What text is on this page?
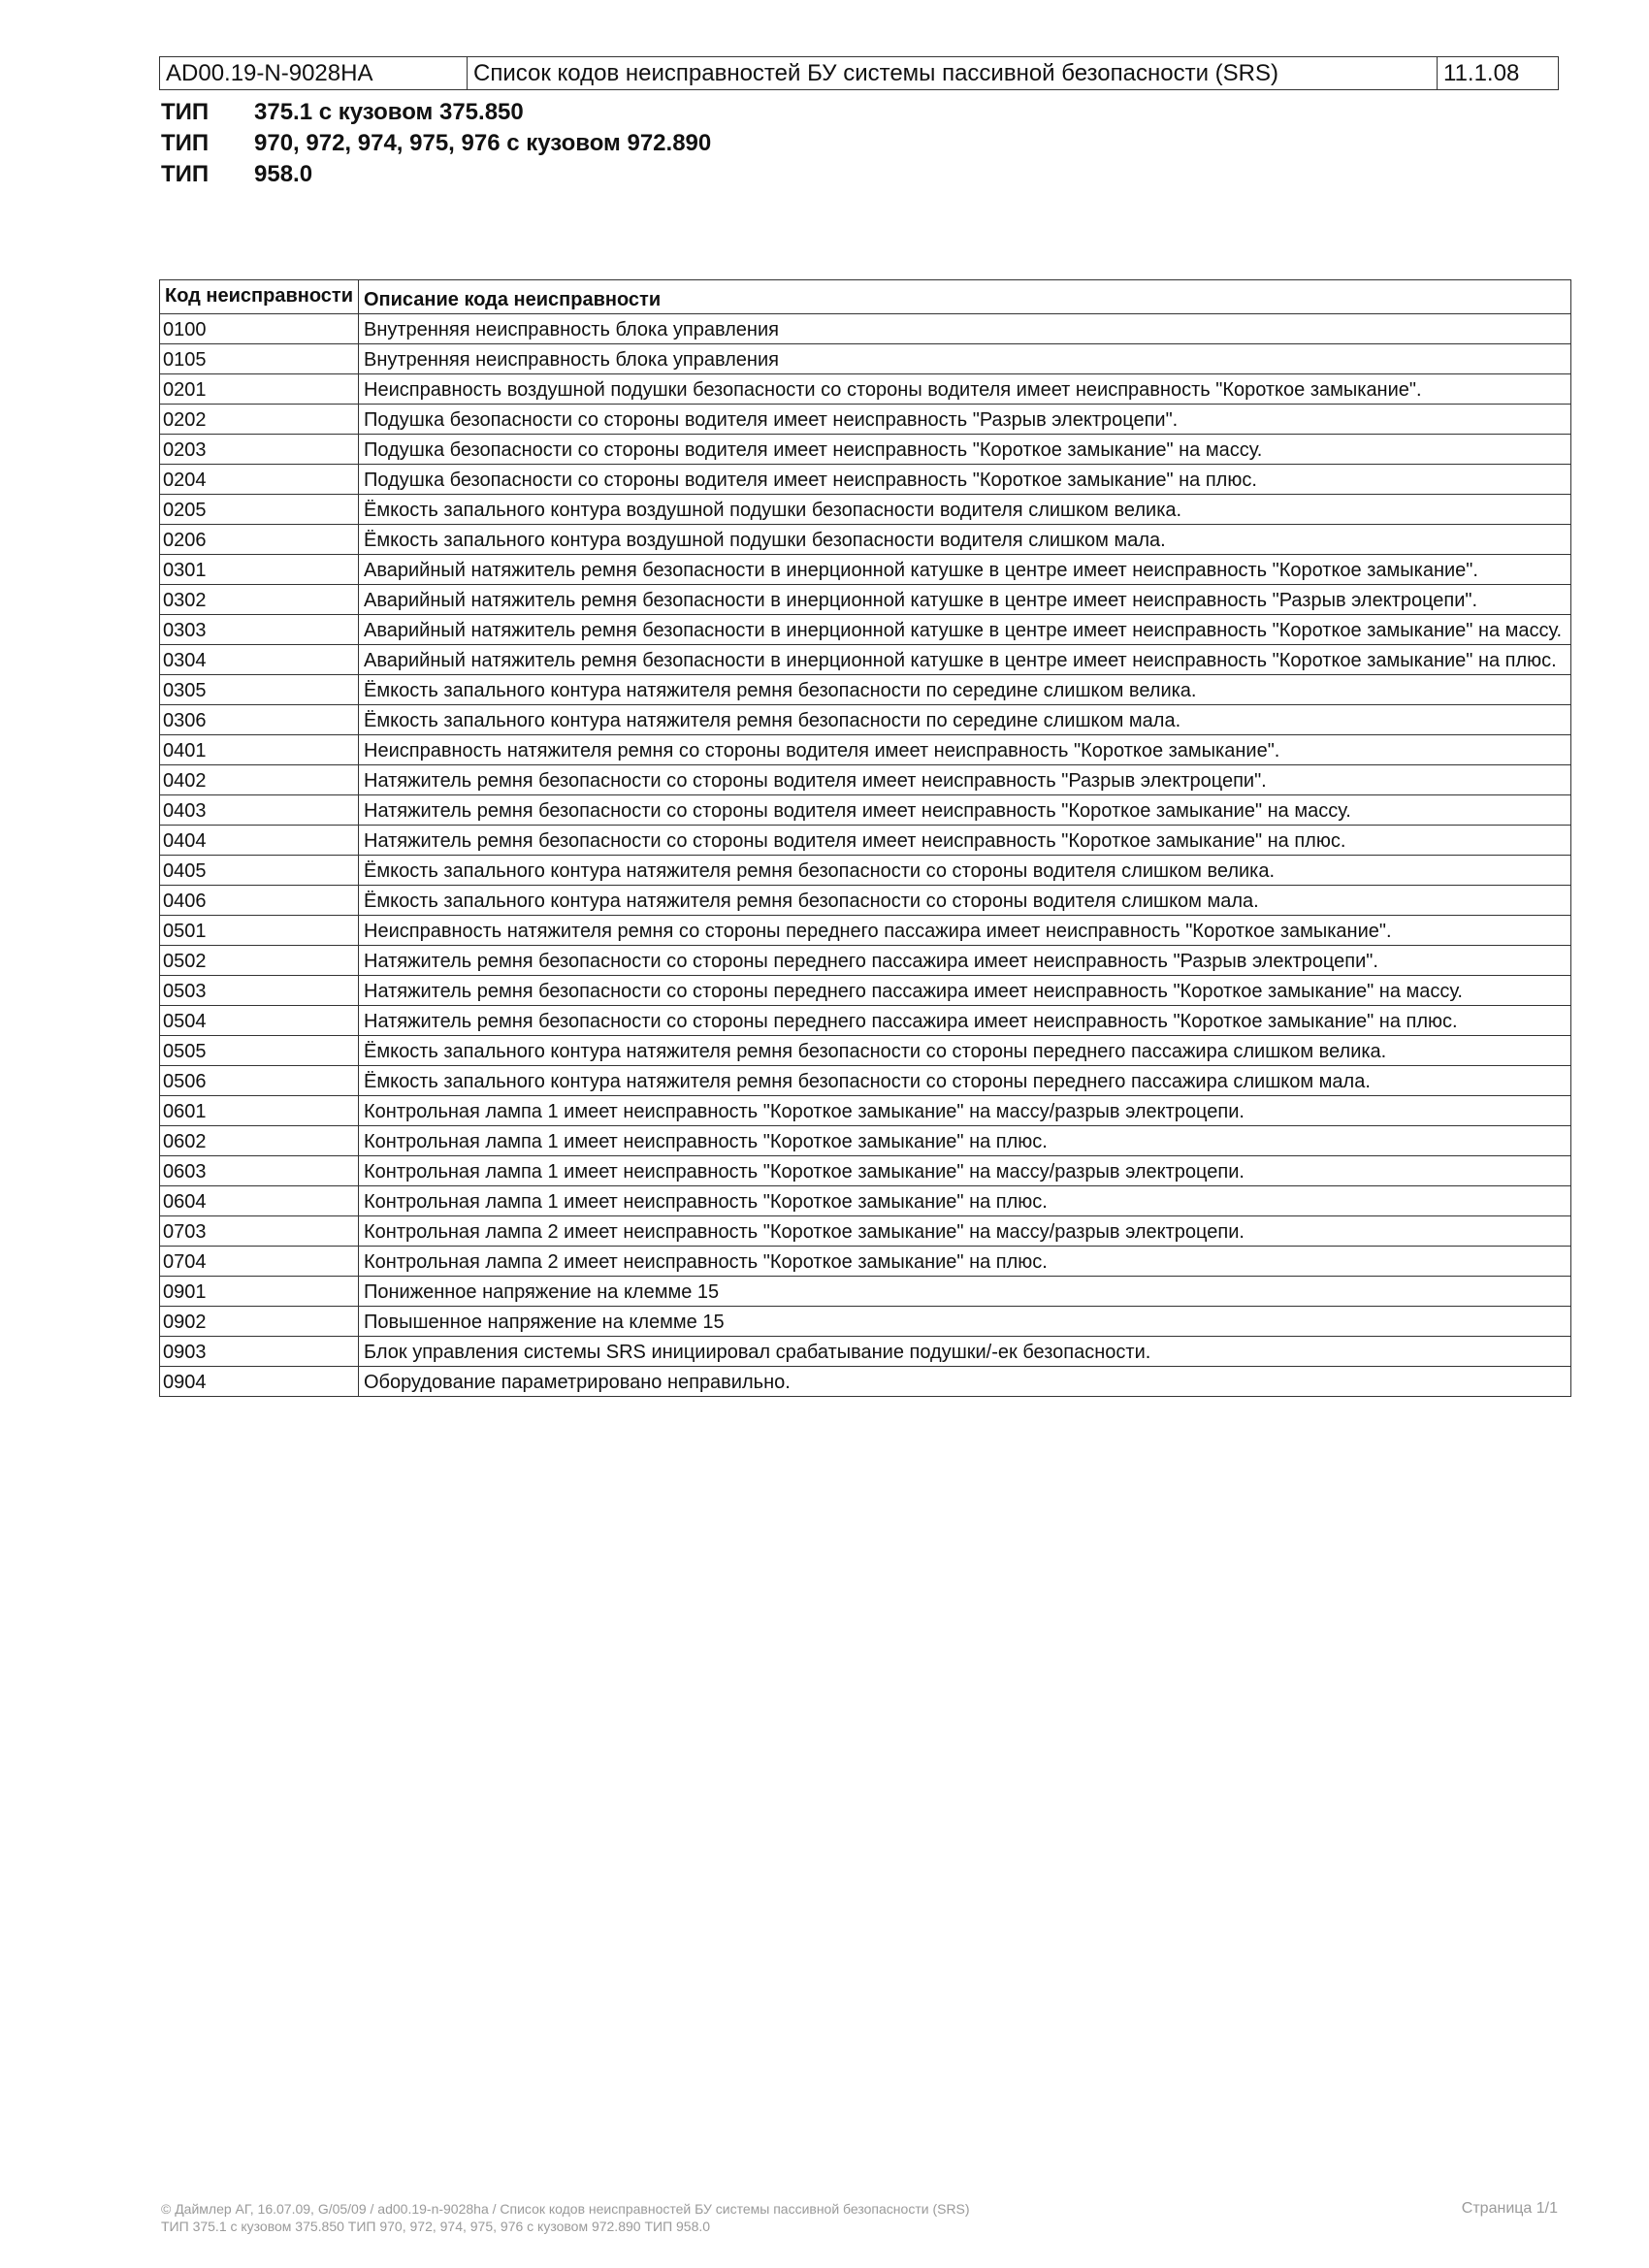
AD00.19-N-9028HA	Список кодов неисправностей БУ системы пассивной безопасности (SRS)	11.1.08
ТИП	375.1 с кузовом 375.850
ТИП	970, 972, 974, 975, 976 с кузовом 972.890
ТИП	958.0
Код неисправности	Описание кода неисправности
0100	Внутренняя неисправность блока управления
0105	Внутренняя неисправность блока управления
0201	Неисправность воздушной подушки безопасности со стороны водителя имеет неисправность "Короткое замыкание".
0202	Подушка безопасности со стороны водителя имеет неисправность "Разрыв электроцепи".
0203	Подушка безопасности со стороны водителя имеет неисправность "Короткое замыкание" на массу.
0204	Подушка безопасности со стороны водителя имеет неисправность "Короткое замыкание" на плюс.
0205	Ёмкость запального контура воздушной подушки безопасности водителя слишком велика.
0206	Ёмкость запального контура воздушной подушки безопасности водителя слишком мала.
0301	Аварийный натяжитель ремня безопасности в инерционной катушке в центре имеет неисправность "Короткое замыкание".
0302	Аварийный натяжитель ремня безопасности в инерционной катушке в центре имеет неисправность "Разрыв электроцепи".
0303	Аварийный натяжитель ремня безопасности в инерционной катушке в центре имеет неисправность "Короткое замыкание" на массу.
0304	Аварийный натяжитель ремня безопасности в инерционной катушке в центре имеет неисправность "Короткое замыкание" на плюс.
0305	Ёмкость запального контура натяжителя ремня безопасности по середине слишком велика.
0306	Ёмкость запального контура натяжителя ремня безопасности по середине слишком мала.
0401	Неисправность натяжителя ремня со стороны водителя имеет неисправность "Короткое замыкание".
0402	Натяжитель ремня безопасности со стороны водителя имеет неисправность "Разрыв электроцепи".
0403	Натяжитель ремня безопасности со стороны водителя имеет неисправность "Короткое замыкание" на массу.
0404	Натяжитель ремня безопасности со стороны водителя имеет неисправность "Короткое замыкание" на плюс.
0405	Ёмкость запального контура натяжителя ремня безопасности со стороны водителя слишком велика.
0406	Ёмкость запального контура натяжителя ремня безопасности со стороны водителя слишком мала.
0501	Неисправность натяжителя ремня со стороны переднего пассажира имеет неисправность "Короткое замыкание".
0502	Натяжитель ремня безопасности со стороны переднего пассажира имеет неисправность "Разрыв электроцепи".
0503	Натяжитель ремня безопасности со стороны переднего пассажира имеет неисправность "Короткое замыкание" на массу.
0504	Натяжитель ремня безопасности со стороны переднего пассажира имеет неисправность "Короткое замыкание" на плюс.
0505	Ёмкость запального контура натяжителя ремня безопасности со стороны переднего пассажира слишком велика.
0506	Ёмкость запального контура натяжителя ремня безопасности со стороны переднего пассажира слишком мала.
0601	Контрольная лампа 1 имеет неисправность "Короткое замыкание" на массу/разрыв электроцепи.
0602	Контрольная лампа 1 имеет неисправность "Короткое замыкание" на плюс.
0603	Контрольная лампа 1 имеет неисправность "Короткое замыкание" на массу/разрыв электроцепи.
0604	Контрольная лампа 1 имеет неисправность "Короткое замыкание" на плюс.
0703	Контрольная лампа 2 имеет неисправность "Короткое замыкание" на массу/разрыв электроцепи.
0704	Контрольная лампа 2 имеет неисправность "Короткое замыкание" на плюс.
0901	Пониженное напряжение на клемме 15
0902	Повышенное напряжение на клемме 15
0903	Блок управления системы SRS инициировал срабатывание подушки/-ек безопасности.
0904	Оборудование параметрировано неправильно.
© Даймлер АГ, 16.07.09, G/05/09 / ad00.19-n-9028ha / Список кодов неисправностей БУ системы пассивной безопасности (SRS)
ТИП 375.1 с кузовом 375.850 ТИП 970, 972, 974, 975, 976 с кузовом 972.890 ТИП 958.0
Страница 1/1
